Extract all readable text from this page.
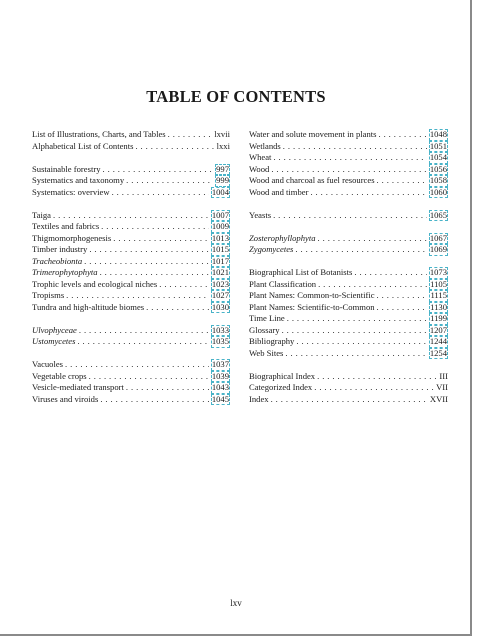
TABLE OF CONTENTS
List of Illustrations, Charts, and Tables . . .	lxvii
Alphabetical List of Contents . . .	lxxi
Sustainable forestry . . .	997
Systematics and taxonomy . . .	999
Systematics: overview . . .	1004
Taiga . . .	1007
Textiles and fabrics . . .	1009
Thigmomorphogenesis . . .	1013
Timber industry . . .	1015
Tracheobionta . . .	1017
Trimerophytophyta . . .	1021
Trophic levels and ecological niches . . .	1023
Tropisms . . .	1027
Tundra and high-altitude biomes . . .	1030
Ulvophyceae . . .	1033
Ustomycetes . . .	1035
Vacuoles . . .	1037
Vegetable crops . . .	1039
Vesicle-mediated transport . . .	1043
Viruses and viroids . . .	1045
Water and solute movement in plants . . .	1048
Wetlands . . .	1051
Wheat . . .	1054
Wood . . .	1056
Wood and charcoal as fuel resources . . .	1058
Wood and timber . . .	1060
Yeasts . . .	1065
Zosterophyllophyta . . .	1067
Zygomycetes . . .	1069
Biographical List of Botanists . . .	1073
Plant Classification . . .	1105
Plant Names: Common-to-Scientific . . .	1115
Plant Names: Scientific-to-Common . . .	1130
Time Line . . .	1199
Glossary . . .	1207
Bibliography . . .	1244
Web Sites . . .	1254
Biographical Index . . .	III
Categorized Index . . .	VII
Index . . .	XVII
lxv
